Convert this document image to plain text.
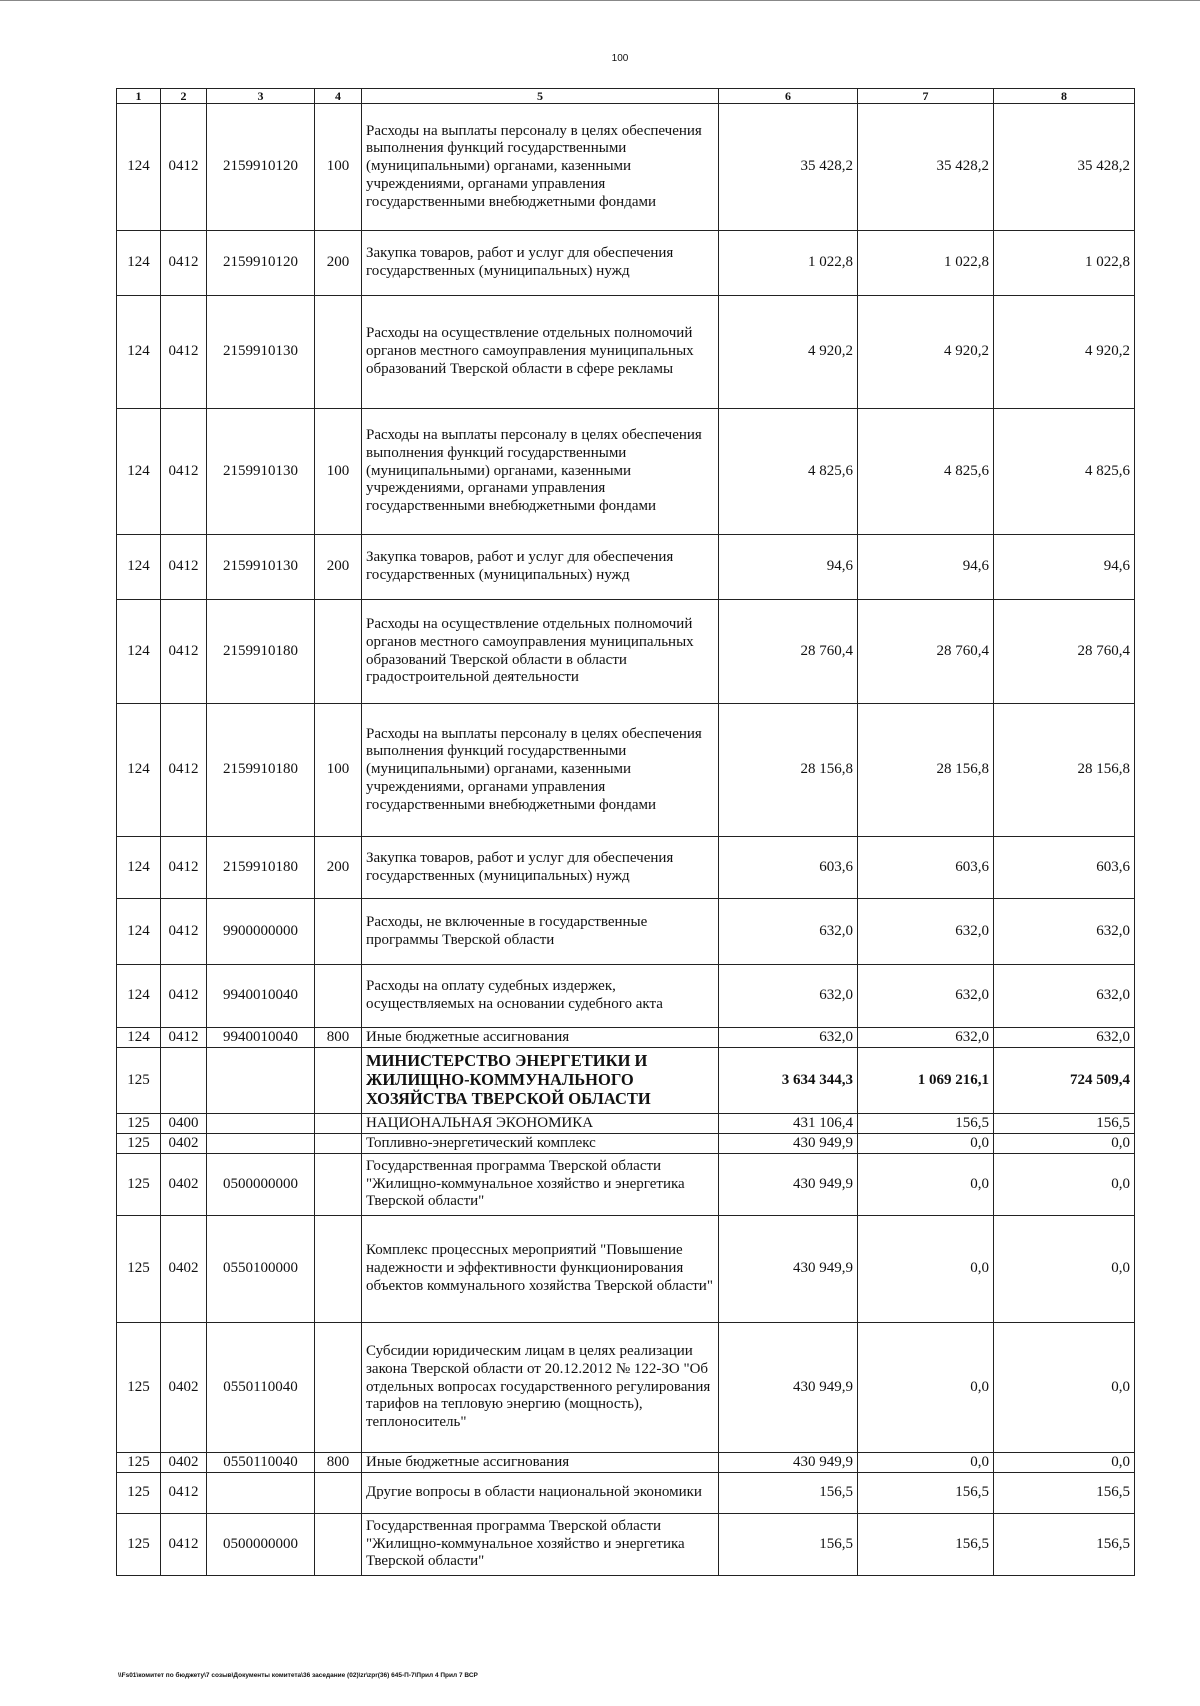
100
1	2	3	4	5	6	7	8
124	0412	2159910120	100	Расходы на выплаты персоналу в целях обеспечения выполнения функций государственными (муниципальными) органами, казенными учреждениями, органами управления государственными внебюджетными фондами	35 428,2	35 428,2	35 428,2
124	0412	2159910120	200	Закупка товаров, работ и услуг для обеспечения государственных (муниципальных) нужд	1 022,8	1 022,8	1 022,8
124	0412	2159910130		Расходы на осуществление отдельных полномочий органов местного самоуправления муниципальных образований Тверской области в сфере рекламы	4 920,2	4 920,2	4 920,2
124	0412	2159910130	100	Расходы на выплаты персоналу в целях обеспечения выполнения функций государственными (муниципальными) органами, казенными учреждениями, органами управления государственными внебюджетными фондами	4 825,6	4 825,6	4 825,6
124	0412	2159910130	200	Закупка товаров, работ и услуг для обеспечения государственных (муниципальных) нужд	94,6	94,6	94,6
124	0412	2159910180		Расходы на осуществление отдельных полномочий органов местного самоуправления муниципальных образований Тверской области в области градостроительной деятельности	28 760,4	28 760,4	28 760,4
124	0412	2159910180	100	Расходы на выплаты персоналу в целях обеспечения выполнения функций государственными (муниципальными) органами, казенными учреждениями, органами управления государственными внебюджетными фондами	28 156,8	28 156,8	28 156,8
124	0412	2159910180	200	Закупка товаров, работ и услуг для обеспечения государственных (муниципальных) нужд	603,6	603,6	603,6
124	0412	9900000000		Расходы, не включенные в государственные программы Тверской области	632,0	632,0	632,0
124	0412	9940010040		Расходы на оплату судебных издержек, осуществляемых на основании судебного акта	632,0	632,0	632,0
124	0412	9940010040	800	Иные бюджетные ассигнования	632,0	632,0	632,0
125				МИНИСТЕРСТВО ЭНЕРГЕТИКИ И ЖИЛИЩНО-КОММУНАЛЬНОГО ХОЗЯЙСТВА ТВЕРСКОЙ ОБЛАСТИ	3 634 344,3	1 069 216,1	724 509,4
125	0400			НАЦИОНАЛЬНАЯ ЭКОНОМИКА	431 106,4	156,5	156,5
125	0402			Топливно-энергетический комплекс	430 949,9	0,0	0,0
125	0402	0500000000		Государственная программа Тверской области "Жилищно-коммунальное хозяйство и энергетика Тверской области"	430 949,9	0,0	0,0
125	0402	0550100000		Комплекс процессных мероприятий "Повышение надежности и эффективности функционирования объектов коммунального хозяйства Тверской области"	430 949,9	0,0	0,0
125	0402	0550110040		Субсидии юридическим лицам в целях реализации закона Тверской области от 20.12.2012 № 122-ЗО "Об отдельных вопросах государственного регулирования тарифов на тепловую энергию (мощность), теплоноситель"	430 949,9	0,0	0,0
125	0402	0550110040	800	Иные бюджетные ассигнования	430 949,9	0,0	0,0
125	0412			Другие вопросы в области национальной экономики	156,5	156,5	156,5
125	0412	0500000000		Государственная программа Тверской области "Жилищно-коммунальное хозяйство и энергетика Тверской области"	156,5	156,5	156,5
\\Fs01\комитет по бюджету\7 созыв\Документы комитета\36 заседание (02)\zr\zpr(36) 645-П-7\Прил 4 Прил 7 ВСР
